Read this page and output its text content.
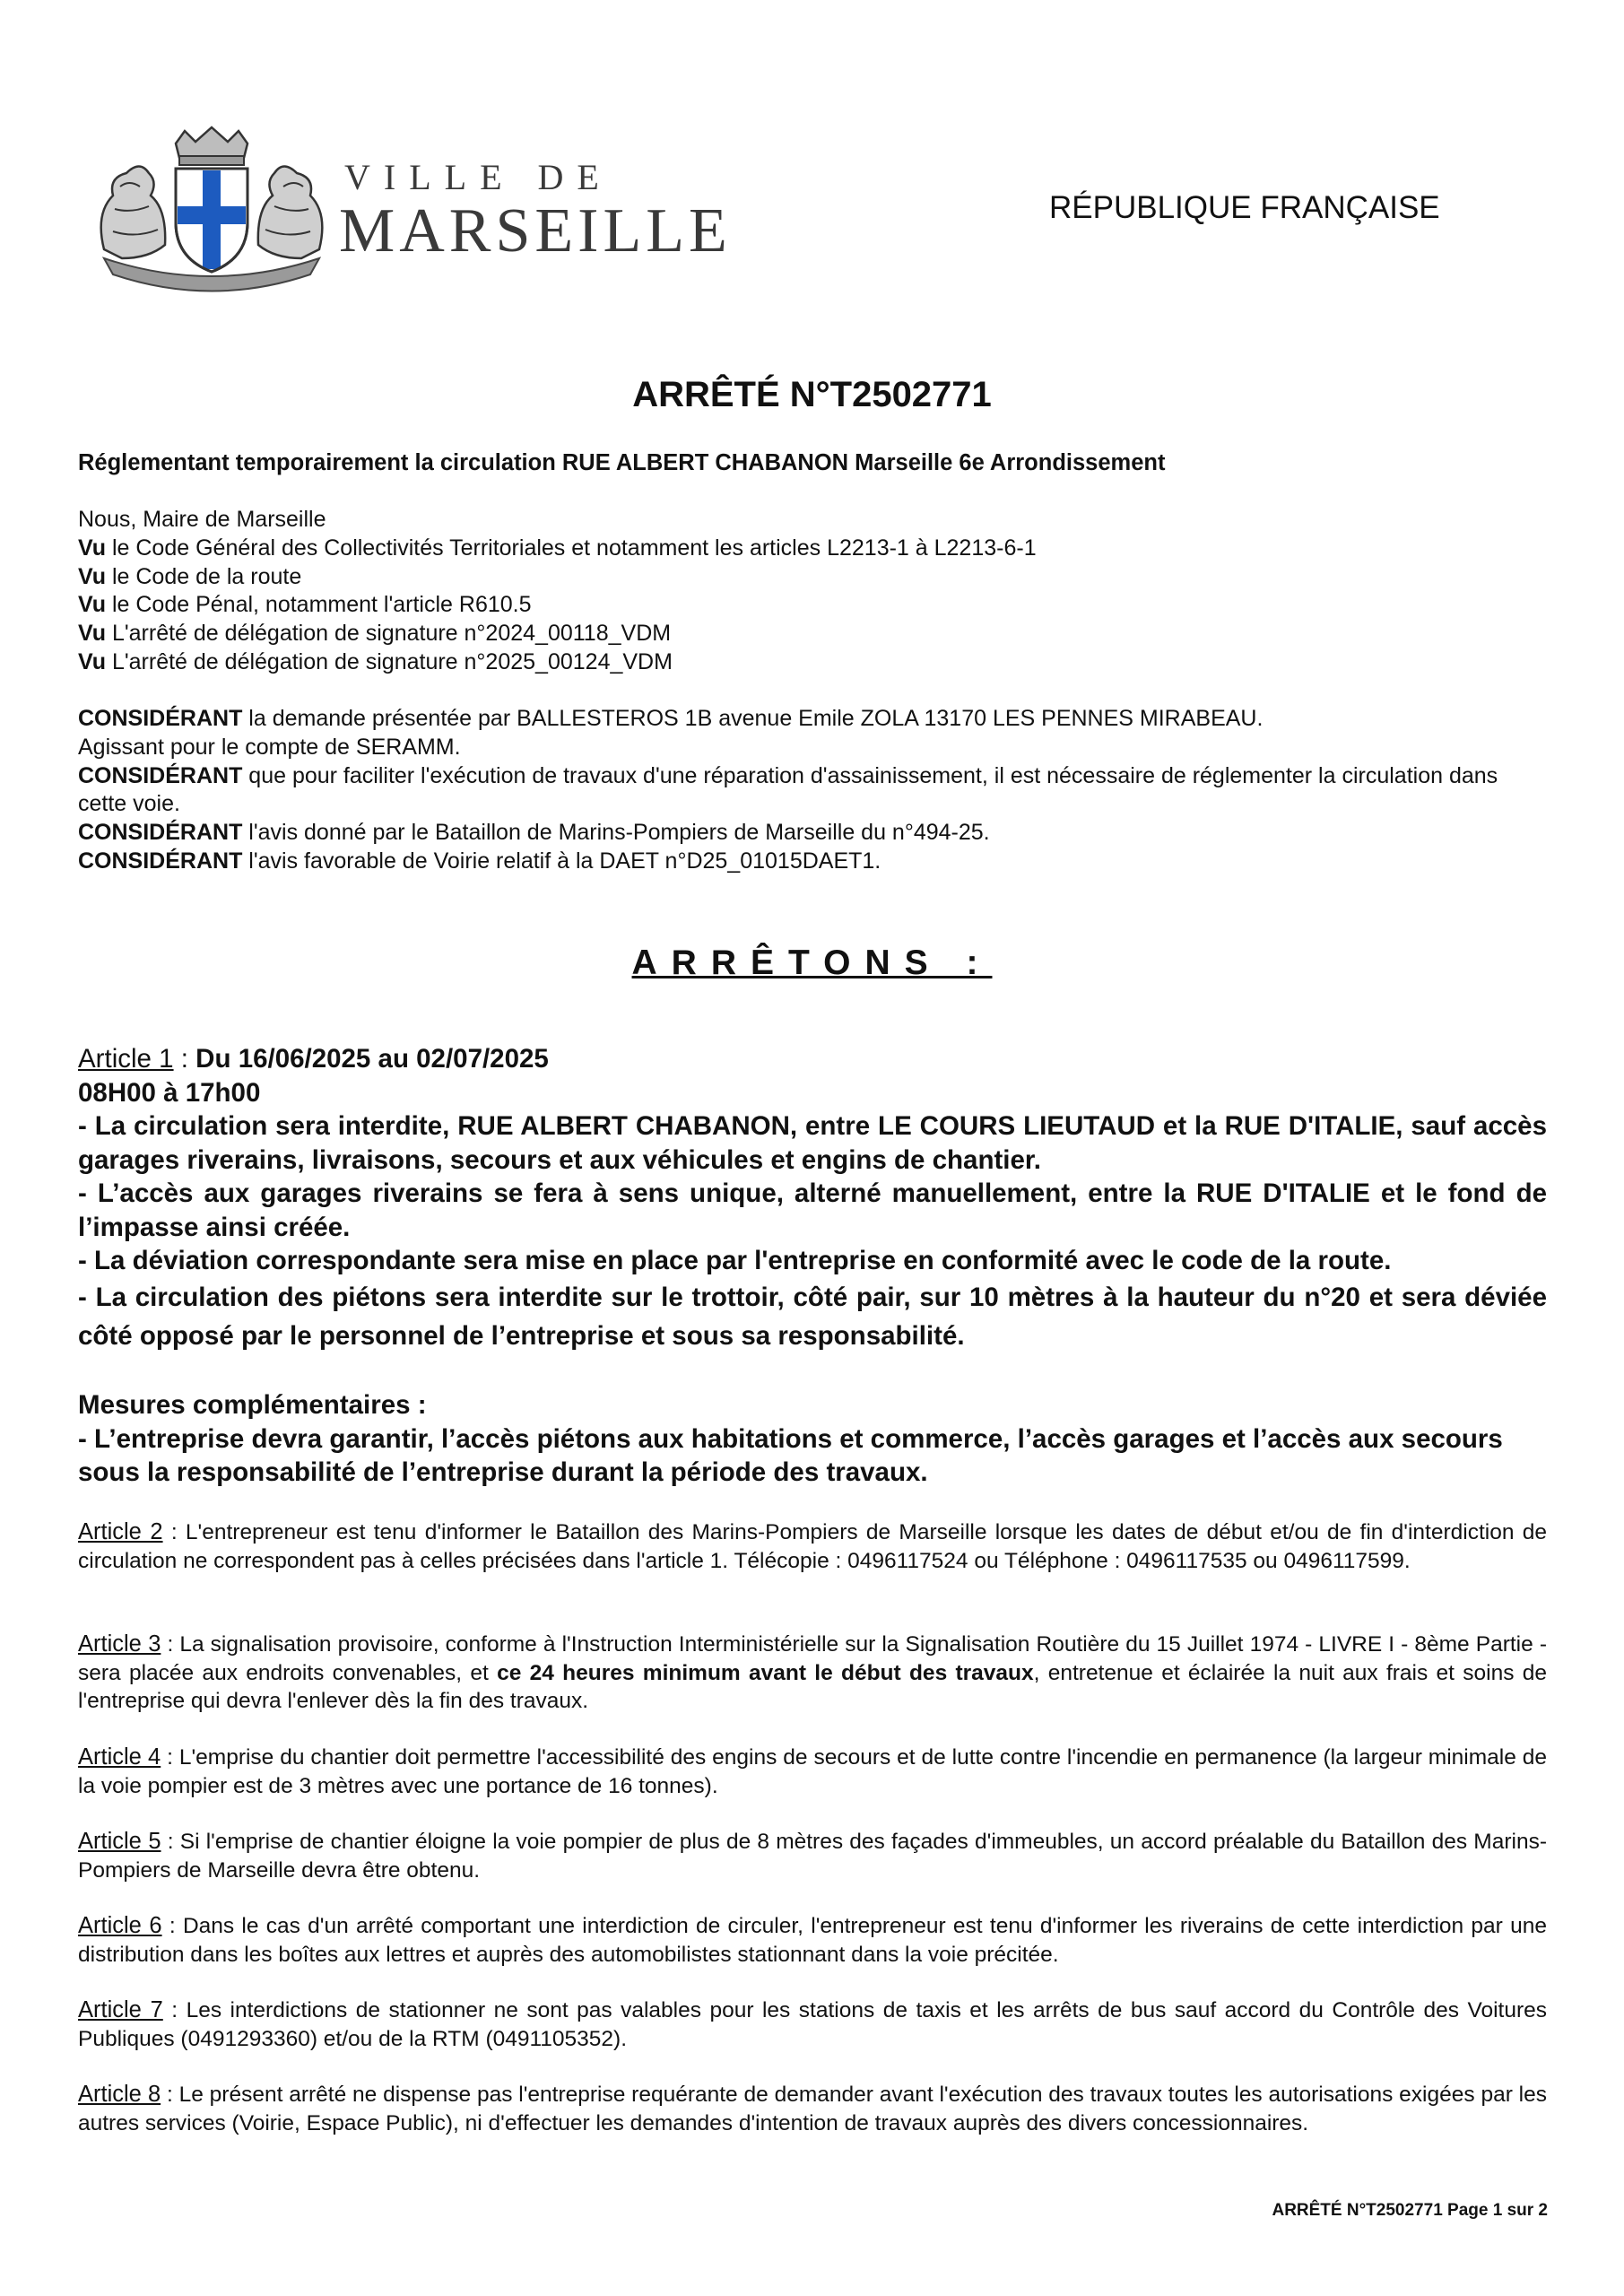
VILLE DE
MARSEILLE	RÉPUBLIQUE FRANÇAISE
ARRÊTÉ N°T2502771
Réglementant temporairement la circulation RUE ALBERT CHABANON Marseille 6e Arrondissement
Nous, Maire de Marseille
Vu le Code Général des Collectivités Territoriales et notamment les articles L2213-1 à L2213-6-1
Vu le Code de la route
Vu le Code Pénal, notamment l'article R610.5
Vu L'arrêté de délégation de signature n°2024_00118_VDM
Vu L'arrêté de délégation de signature n°2025_00124_VDM

CONSIDÉRANT la demande présentée par BALLESTEROS 1B avenue Emile ZOLA 13170 LES PENNES MIRABEAU.

Agissant pour le compte de SERAMM.

CONSIDÉRANT que pour faciliter l'exécution de travaux d'une réparation d'assainissement, il est nécessaire de réglementer la circulation dans cette voie.

CONSIDÉRANT l'avis donné par le Bataillon de Marins-Pompiers de Marseille du n°494-25.

CONSIDÉRANT l'avis favorable de Voirie relatif à la DAET n°D25_01015DAET1.

ARRÊTONS :
Article 1 : Du 16/06/2025 au 02/07/2025

08H00 à 17h00

- La circulation sera interdite, RUE ALBERT CHABANON, entre LE COURS LIEUTAUD et la RUE D'ITALIE, sauf accès garages riverains, livraisons, secours et aux véhicules et engins de chantier.

- L’accès aux garages riverains se fera à sens unique, alterné manuellement, entre la RUE D'ITALIE et le fond de l’impasse ainsi créée.

- La déviation correspondante sera mise en place par l'entreprise en conformité avec le code de la route.

- La circulation des piétons sera interdite sur le trottoir, côté pair, sur 10 mètres à la hauteur du n°20 et sera déviée côté opposé par le personnel de l’entreprise et sous sa responsabilité.

Mesures complémentaires :

- L’entreprise devra garantir, l’accès piétons aux habitations et commerce, l’accès garages et l’accès aux secours sous la responsabilité de l’entreprise durant la période des travaux.

Article 2 : L'entrepreneur est tenu d'informer le Bataillon des Marins-Pompiers de Marseille lorsque les dates de début et/ou de fin d'interdiction de circulation ne correspondent pas à celles précisées dans l'article 1. Télécopie : 0496117524 ou Téléphone : 0496117535 ou 0496117599.
Article 3 : La signalisation provisoire, conforme à l'Instruction Interministérielle sur la Signalisation Routière du 15 Juillet 1974 - LIVRE I - 8ème Partie - sera placée aux endroits convenables, et ce 24 heures minimum avant le début des travaux, entretenue et éclairée la nuit aux frais et soins de l'entreprise qui devra l'enlever dès la fin des travaux.
Article 4 : L'emprise du chantier doit permettre l'accessibilité des engins de secours et de lutte contre l'incendie en permanence (la largeur minimale de la voie pompier est de 3 mètres avec une portance de 16 tonnes).
Article 5 : Si l'emprise de chantier éloigne la voie pompier de plus de 8 mètres des façades d'immeubles, un accord préalable du Bataillon des Marins-Pompiers de Marseille devra être obtenu.
Article 6 : Dans le cas d'un arrêté comportant une interdiction de circuler, l'entrepreneur est tenu d'informer les riverains de cette interdiction par une distribution dans les boîtes aux lettres et auprès des automobilistes stationnant dans la voie précitée.
Article 7 : Les interdictions de stationner ne sont pas valables pour les stations de taxis et les arrêts de bus sauf accord du Contrôle des Voitures Publiques (0491293360) et/ou de la RTM (0491105352).
Article 8 : Le présent arrêté ne dispense pas l'entreprise requérante de demander avant l'exécution des travaux toutes les autorisations exigées par les autres services (Voirie, Espace Public), ni d'effectuer les demandes d'intention de travaux auprès des divers concessionnaires.
ARRÊTÉ N°T2502771 Page 1 sur 2
